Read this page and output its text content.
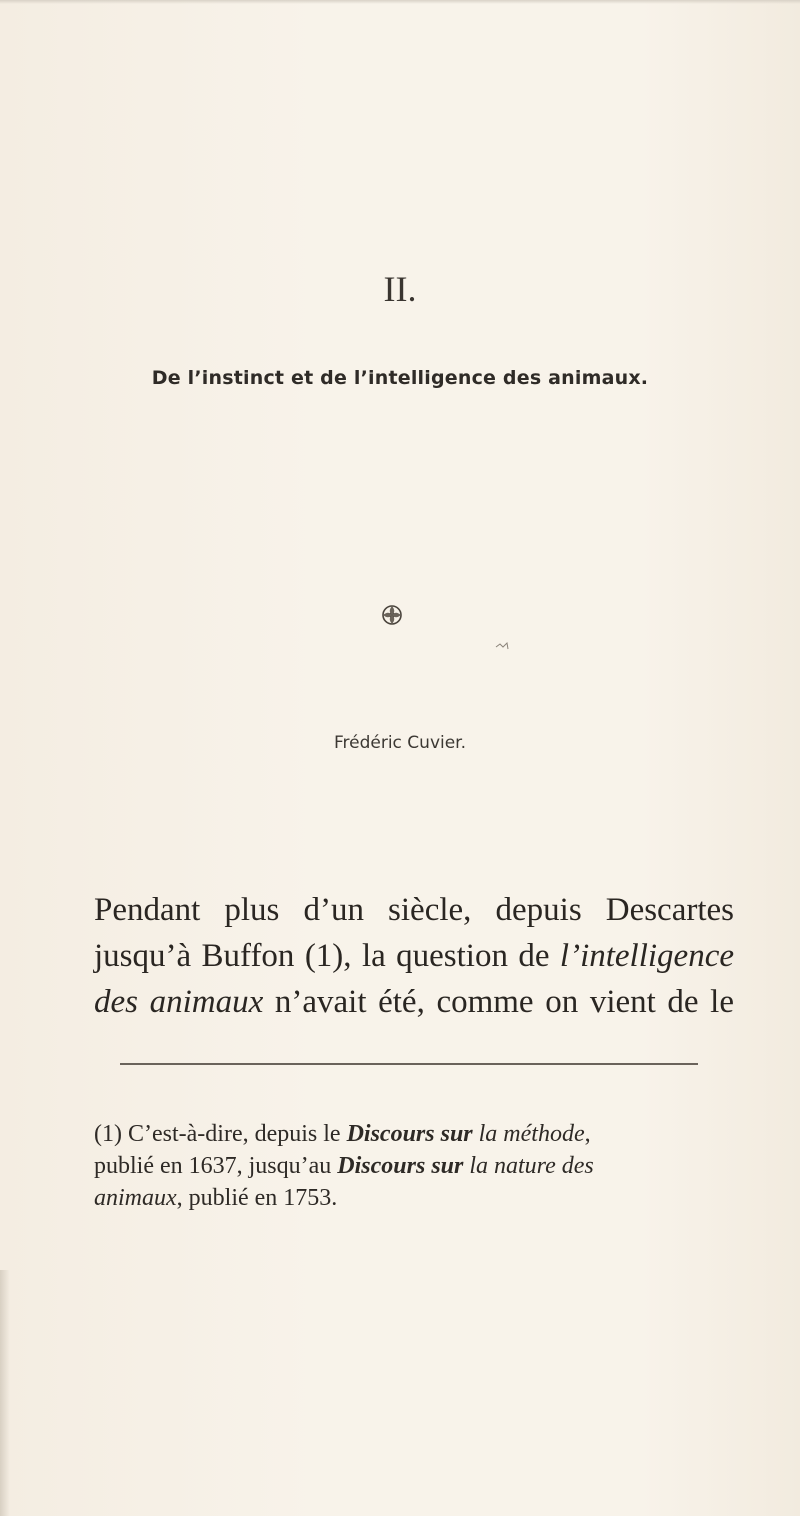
II.
De l’instinct et de l’intelligence des animaux.
Frédéric Cuvier.
Pendant plus d’un siècle, depuis Descartes
jusqu’à Buffon (1), la question de l’intelligence
des animaux n’avait été, comme on vient de le
(1) C’est-à-dire, depuis le Discours sur la méthode,
publié en 1637, jusqu’au Discours sur la nature des
animaux, publié en 1753.
